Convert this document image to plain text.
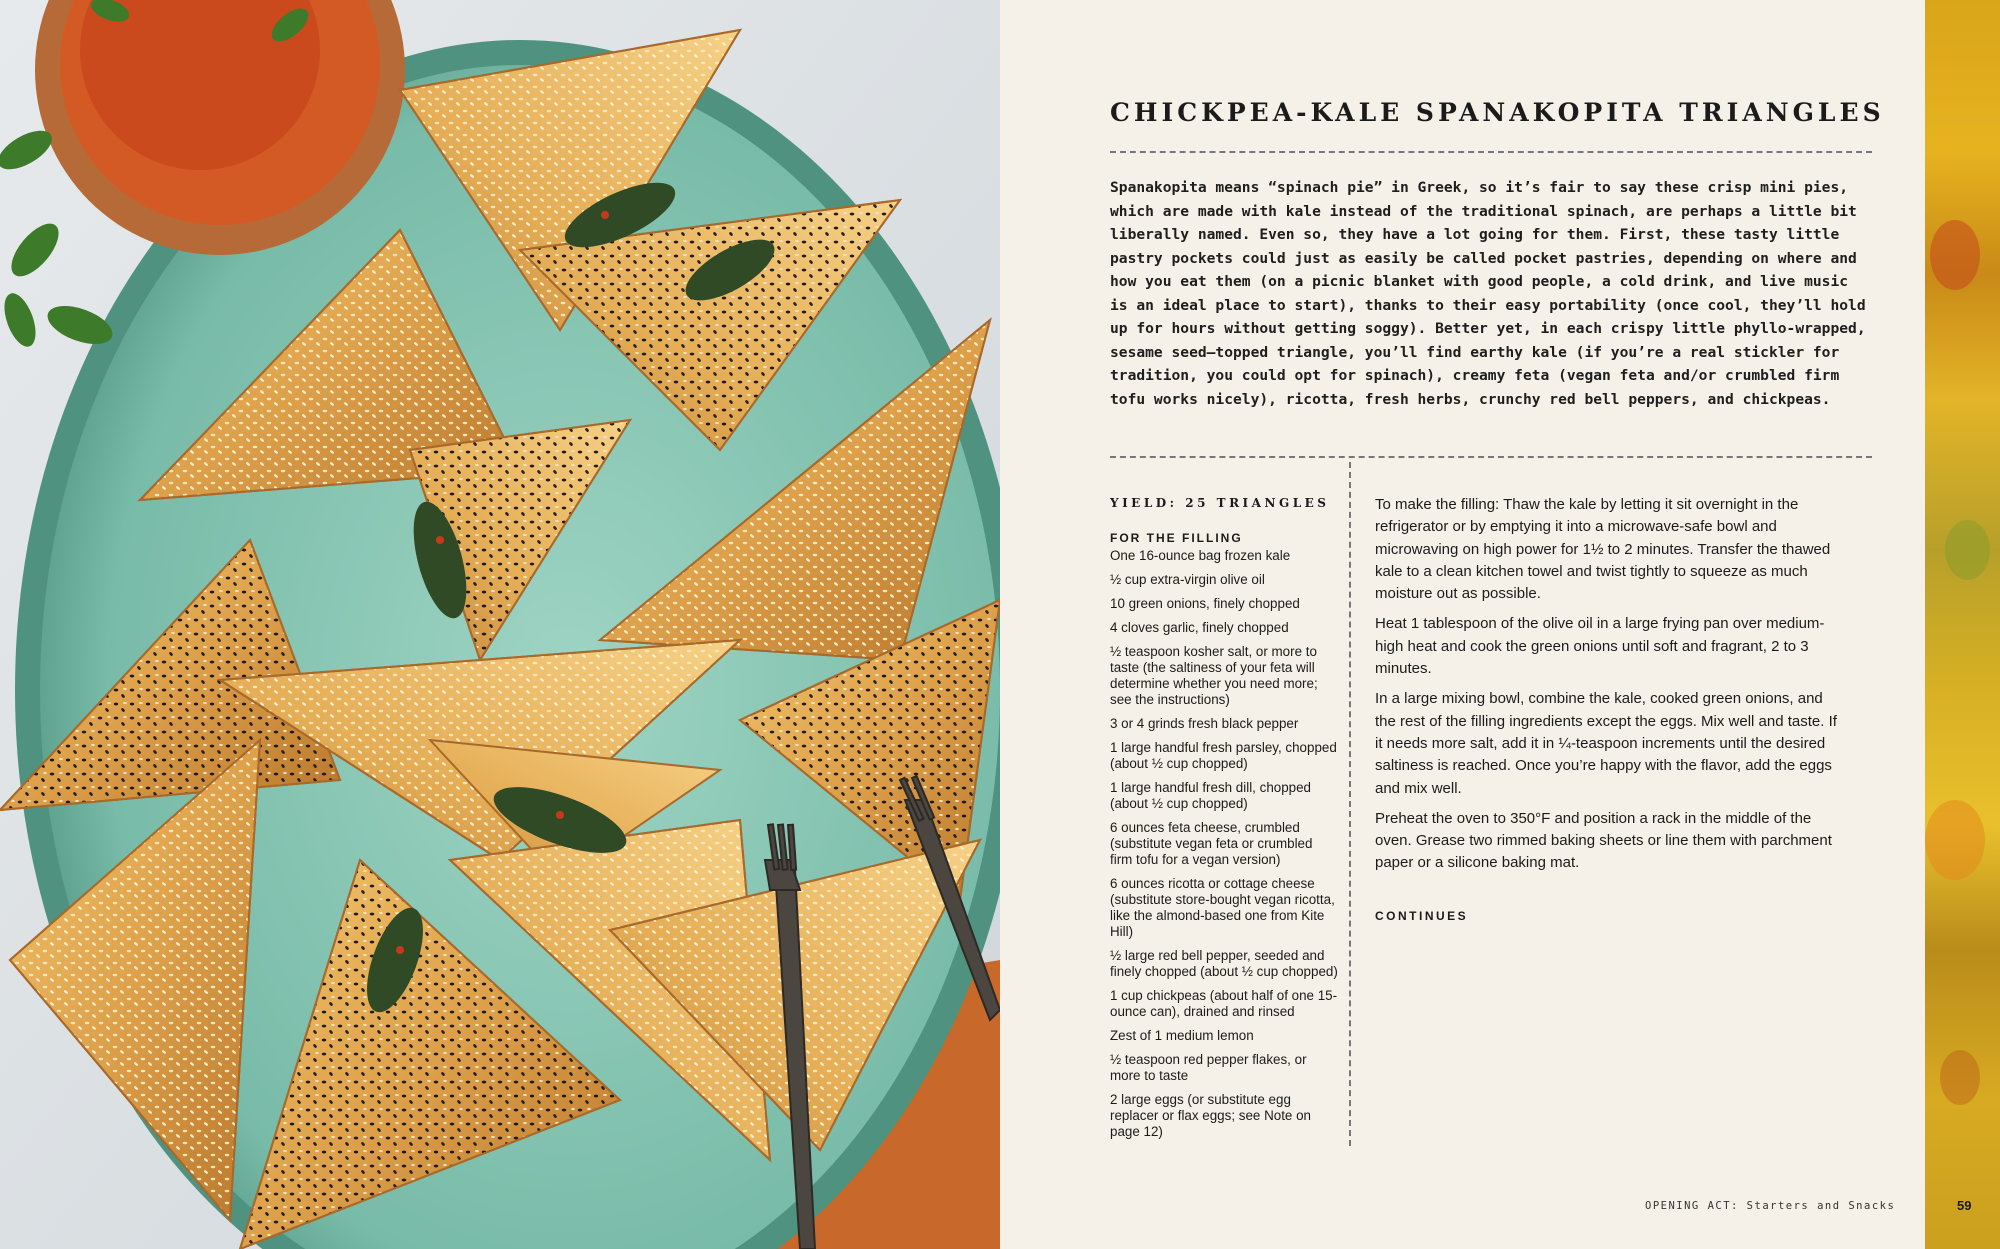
CHICKPEA-KALE SPANAKOPITA TRIANGLES

Spanakopita means “spinach pie” in Greek, so it’s fair to say these crisp mini pies, which are made with kale instead of the traditional spinach, are perhaps a little bit liberally named. Even so, they have a lot going for them. First, these tasty little pastry pockets could just as easily be called pocket pastries, depending on where and how you eat them (on a picnic blanket with good people, a cold drink, and live music is an ideal place to start), thanks to their easy portability (once cool, they’ll hold up for hours without getting soggy). Better yet, in each crispy little phyllo-wrapped, sesame seed–topped triangle, you’ll find earthy kale (if you’re a real stickler for tradition, you could opt for spinach), creamy feta (vegan feta and/or crumbled firm tofu works nicely), ricotta, fresh herbs, crunchy red bell peppers, and chickpeas.

YIELD: 25 TRIANGLES
FOR THE FILLING
One 16-ounce bag frozen kale
½ cup extra-virgin olive oil
10 green onions, finely chopped
4 cloves garlic, finely chopped
½ teaspoon kosher salt, or more to taste (the saltiness of your feta will determine whether you need more; see the instructions)
3 or 4 grinds fresh black pepper
1 large handful fresh parsley, chopped (about ½ cup chopped)
1 large handful fresh dill, chopped (about ½ cup chopped)
6 ounces feta cheese, crumbled (substitute vegan feta or crumbled firm tofu for a vegan version)
6 ounces ricotta or cottage cheese (substitute store-bought vegan ricotta, like the almond-based one from Kite Hill)
½ large red bell pepper, seeded and finely chopped (about ½ cup chopped)
1 cup chickpeas (about half of one 15-ounce can), drained and rinsed
Zest of 1 medium lemon
½ teaspoon red pepper flakes, or more to taste
2 large eggs (or substitute egg replacer or flax eggs; see Note on page 12)

To make the filling: Thaw the kale by letting it sit overnight in the refrigerator or by emptying it into a microwave-safe bowl and microwaving on high power for 1½ to 2 minutes. Transfer the thawed kale to a clean kitchen towel and twist tightly to squeeze as much moisture out as possible.

Heat 1 tablespoon of the olive oil in a large frying pan over medium-high heat and cook the green onions until soft and fragrant, 2 to 3 minutes.

In a large mixing bowl, combine the kale, cooked green onions, and the rest of the filling ingredients except the eggs. Mix well and taste. If it needs more salt, add it in ¼-teaspoon increments until the desired saltiness is reached. Once you’re happy with the flavor, add the eggs and mix well.

Preheat the oven to 350°F and position a rack in the middle of the oven. Grease two rimmed baking sheets or line them with parchment paper or a silicone baking mat.

CONTINUES
OPENING ACT: Starters and Snacks	59
